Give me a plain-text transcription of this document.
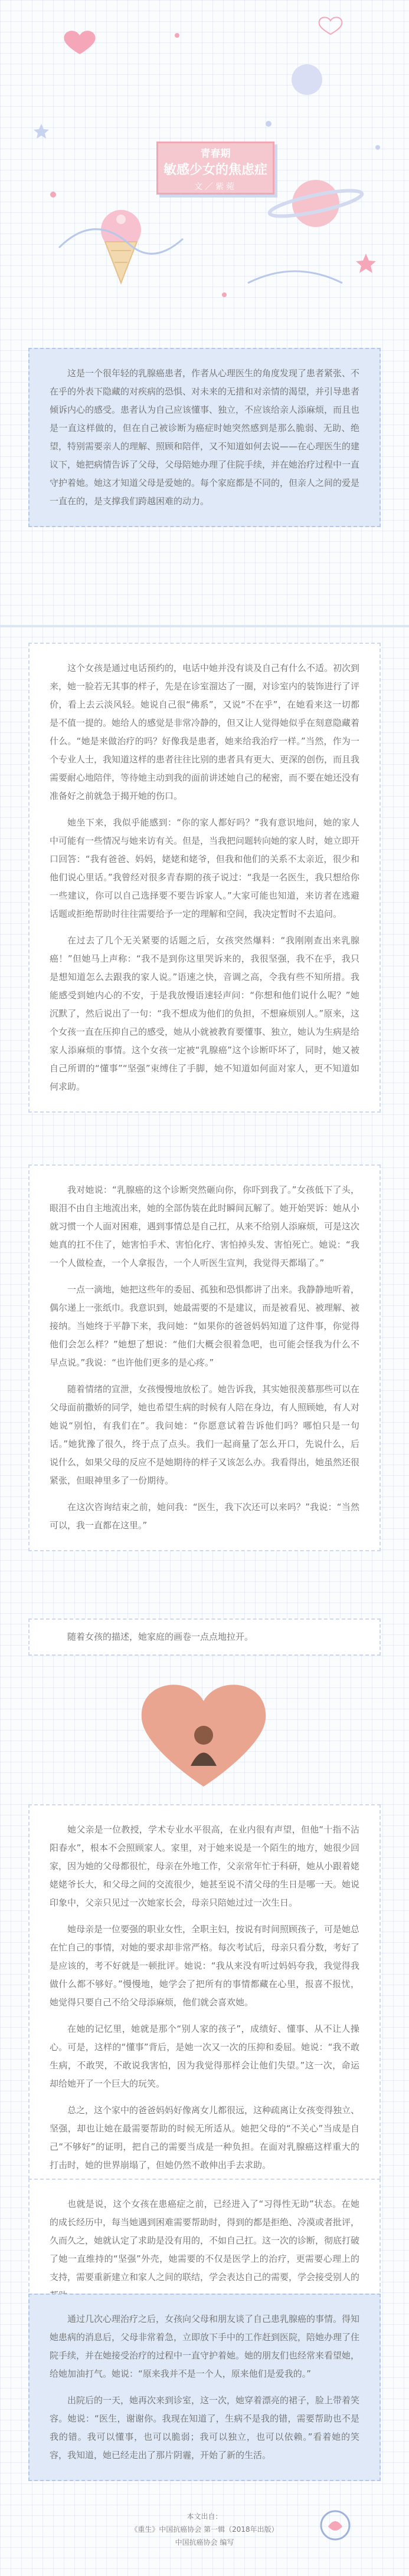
青春期
敏感少女的焦虑症
文／紫菀

这是一个很年轻的乳腺癌患者，作者从心理医生的角度发现了患者紧张、不在乎的外表下隐藏的对疾病的恐惧、对未来的无措和对亲情的渴望，并引导患者倾诉内心的感受。患者认为自己应该懂事、独立，不应该给亲人添麻烦，而且也是一直这样做的，但在自己被诊断为癌症时她突然感到是那么脆弱、无助、绝望，特别需要亲人的理解、照顾和陪伴，又不知道如何去说——在心理医生的建议下，她把病情告诉了父母，父母陪她办理了住院手续，并在她治疗过程中一直守护着她。她这才知道父母是爱她的。每个家庭都是不同的，但亲人之间的爱是一直在的，是支撑我们跨越困难的动力。

这个女孩是通过电话预约的，电话中她并没有谈及自己有什么不适。初次到来，她一脸若无其事的样子，先是在诊室溜达了一圈，对诊室内的装饰进行了评价，看上去云淡风轻。她说自己很“佛系”，又说“不在乎”，在她看来这一切都是不值一提的。她给人的感觉是非常冷静的，但又让人觉得她似乎在刻意隐藏着什么。“她是来做治疗的吗？好像我是患者，她来给我治疗一样。”当然，作为一个专业人士，我知道这样的患者往往比别的患者具有更大、更深的创伤，而且我需要耐心地陪伴，等待她主动到我的面前讲述她自己的秘密，而不要在她还没有准备好之前就急于揭开她的伤口。

她坐下来，我似乎能感到：“你的家人都好吗？”我有意识地问，她的家人中可能有一些情况与她来访有关。但是，当我把问题转向她的家人时，她立即开口回答：“我有爸爸、妈妈，姥姥和姥爷，但我和他们的关系不太亲近，很少和他们说心里话。”我曾经对很多青春期的孩子说过：“我是一名医生，我只想给你一些建议，你可以自己选择要不要告诉家人。”大家可能也知道，来访者在逃避话题或拒绝帮助时往往需要给予一定的理解和空间，我决定暂时不去追问。

在过去了几个无关紧要的话题之后，女孩突然爆料：“我刚刚查出来乳腺癌！”但她马上声称：“我不是到你这里哭诉来的，我很坚强，我不在乎，我只是想知道怎么去跟我的家人说。”语速之快，音调之高，令我有些不知所措。我能感受到她内心的不安，于是我放慢语速轻声问：“你想和他们说什么呢？”她沉默了，然后说出了一句：“我不想成为他们的负担，不想麻烦别人。”原来，这个女孩一直在压抑自己的感受，她从小就被教育要懂事、独立，她认为生病是给家人添麻烦的事情。这个女孩一定被“乳腺癌”这个诊断吓坏了，同时，她又被自己所谓的“懂事”“坚强”束缚住了手脚，她不知道如何面对家人，更不知道如何求助。

我对她说：“乳腺癌的这个诊断突然砸向你，你吓到我了。”女孩低下了头，眼泪不由自主地流出来，她的全部伪装在此时瞬间瓦解了。她开始哭诉：她从小就习惯一个人面对困难，遇到事情总是自己扛，从来不给别人添麻烦，可是这次她真的扛不住了，她害怕手术、害怕化疗、害怕掉头发、害怕死亡。她说：“我一个人做检查，一个人拿报告，一个人听医生宣判，我觉得天都塌了。”

一点一滴地，她把这些年的委屈、孤独和恐惧都讲了出来。我静静地听着，偶尔递上一张纸巾。我意识到，她最需要的不是建议，而是被看见、被理解、被接纳。当她终于平静下来，我问她：“如果你的爸爸妈妈知道了这件事，你觉得他们会怎么样？”她想了想说：“他们大概会很着急吧，也可能会怪我为什么不早点说。”我说：“也许他们更多的是心疼。”

随着情绪的宣泄，女孩慢慢地放松了。她告诉我，其实她很羡慕那些可以在父母面前撒娇的同学，她也希望生病的时候有人陪在身边，有人照顾她，有人对她说“别怕，有我们在”。我问她：“你愿意试着告诉他们吗？哪怕只是一句话。”她犹豫了很久，终于点了点头。我们一起商量了怎么开口，先说什么，后说什么，如果父母的反应不是她期待的样子又该怎么办。我看得出，她虽然还很紧张，但眼神里多了一份期待。

在这次咨询结束之前，她问我：“医生，我下次还可以来吗？”我说：“当然可以，我一直都在这里。”

随着女孩的描述，她家庭的画卷一点点地拉开。

她父亲是一位教授，学术专业水平很高，在业内很有声望，但他“十指不沾阳春水”，根本不会照顾家人。家里，对于她来说是一个陌生的地方，她很少回家，因为她的父母都很忙，母亲在外地工作，父亲常年忙于科研，她从小跟着姥姥姥爷长大，和父母之间的交流很少，她甚至说不清父母的生日是哪一天。她说印象中，父亲只见过一次她家长会，母亲只陪她过过一次生日。

她母亲是一位要强的职业女性，全职主妇，按说有时间照顾孩子，可是她总在忙自己的事情，对她的要求却非常严格。每次考试后，母亲只看分数，考好了是应该的，考不好就是一顿批评。她说：“我从来没有听过妈妈夸我，我觉得我做什么都不够好。”慢慢地，她学会了把所有的事情都藏在心里，报喜不报忧，她觉得只要自己不给父母添麻烦，他们就会喜欢她。

在她的记忆里，她就是那个“别人家的孩子”，成绩好、懂事、从不让人操心。可是，这样的“懂事”背后，是她一次又一次的压抑和委屈。她说：“我不敢生病，不敢哭，不敢说我害怕，因为我觉得那样会让他们失望。”这一次，命运却给她开了一个巨大的玩笑。

总之，这个家中的爸爸妈妈好像离女儿都很远，这种疏离让女孩变得独立、坚强，却也让她在最需要帮助的时候无所适从。她把父母的“不关心”当成是自己“不够好”的证明，把自己的需要当成是一种负担。在面对乳腺癌这样重大的打击时，她的世界崩塌了，但她仍然不敢伸出手去求助。

也就是说，这个女孩在患癌症之前，已经进入了“习得性无助”状态。在她的成长经历中，每当她遇到困难需要帮助时，得到的都是拒绝、冷漠或者批评，久而久之，她就认定了求助是没有用的，不如自己扛。这一次的诊断，彻底打破了她一直维持的“坚强”外壳，她需要的不仅是医学上的治疗，更需要心理上的支持，需要重新建立和家人之间的联结，学会表达自己的需要，学会接受别人的

通过几次心理治疗之后，女孩向父母和朋友谈了自己患乳腺癌的事情。得知她患病的消息后，父母非常着急，立即放下手中的工作赶到医院，陪她办理了住院手续，并在她接受治疗的过程中一直守护着她。她的朋友们也经常来看望她，给她加油打气。她说：“原来我并不是一个人，原来他们是爱我的。”

出院后的一天，她再次来到诊室，这一次，她穿着漂亮的裙子，脸上带着笑容。她说：“医生，谢谢你。我现在知道了，生病不是我的错，需要帮助也不是我的错。我可以懂事，也可以脆弱；我可以独立，也可以依赖。”看着她的笑容，我知道，她已经走出了那片阴霾，开始了新的生活。

本文出自：
《重生》中国抗癌协会 第一辑（2018年出版）
中国抗癌协会 编写
